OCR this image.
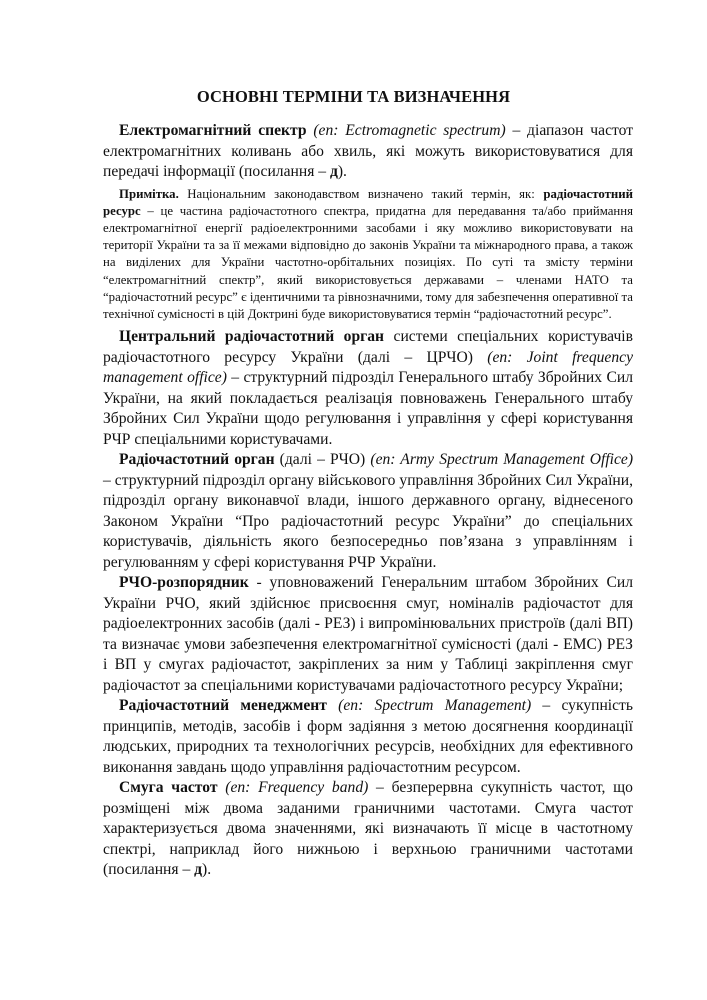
ОСНОВНІ ТЕРМІНИ ТА ВИЗНАЧЕННЯ

Електромагнітний спектр (en: Ectromagnetic spectrum) – діапазон частот електромагнітних коливань або хвиль, які можуть використовуватися для передачі інформації (посилання – д).

Примітка. Національним законодавством визначено такий термін, як: радіочастотний ресурс – це частина радіочастотного спектра, придатна для передавання та/або приймання електромагнітної енергії радіоелектронними засобами і яку можливо використовувати на території України та за її межами відповідно до законів України та міжнародного права, а також на виділених для України частотно-орбітальних позиціях. По суті та змісту терміни “електромагнітний спектр”, який використовується державами – членами НАТО та “радіочастотний ресурс” є ідентичними та рівнозначними, тому для забезпечення оперативної та технічної сумісності в цій Доктрині буде використовуватися термін “радіочастотний ресурс”.

Центральний радіочастотний орган системи спеціальних користувачів радіочастотного ресурсу України (далі – ЦРЧО) (en: Joint frequency management office) – структурний підрозділ Генерального штабу Збройних Сил України, на який покладається реалізація повноважень Генерального штабу Збройних Сил України щодо регулювання і управління у сфері користування РЧР спеціальними користувачами.

Радіочастотний орган (далі – РЧО) (en: Army Spectrum Management Office) – структурний підрозділ органу військового управління Збройних Сил України, підрозділ органу виконавчої влади, іншого державного органу, віднесеного Законом України “Про радіочастотний ресурс України” до спеціальних користувачів, діяльність якого безпосередньо пов’язана з управлінням і регулюванням у сфері користування РЧР України.

РЧО-розпорядник - уповноважений Генеральним штабом Збройних Сил України РЧО, який здійснює присвоєння смуг, номіналів радіочастот для радіоелектронних засобів (далі - РЕЗ) і випромінювальних пристроїв (далі ВП) та визначає умови забезпечення електромагнітної сумісності (далі - ЕМС) РЕЗ і ВП у смугах радіочастот, закріплених за ним у Таблиці закріплення смуг радіочастот за спеціальними користувачами радіочастотного ресурсу України;

Радіочастотний менеджмент (en: Spectrum Management) – сукупність принципів, методів, засобів і форм задіяння з метою досягнення координації людських, природних та технологічних ресурсів, необхідних для ефективного виконання завдань щодо управління радіочастотним ресурсом.

Смуга частот (en: Frequency band) – безперервна сукупність частот, що розміщені між двома заданими граничними частотами. Смуга частот характеризується двома значеннями, які визначають її місце в частотному спектрі, наприклад його нижньою і верхньою граничними частотами (посилання – д).
